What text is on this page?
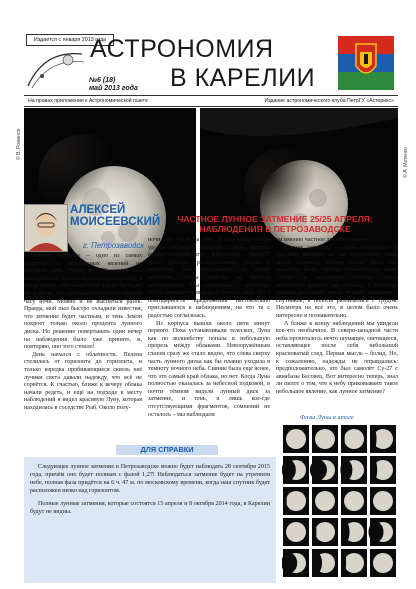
Издается с января 2013 года
№6 (18)
май 2013 года
АСТРОНОМИЯ
В КАРЕЛИИ
На правах приложения к Астрономической газете	Издание астрономического клуба ПетрГУ «Астерикс»
© В. Романов
© А. Метенко
АЛЕКСЕЙ
МОИСЕЕВСКИЙ
г. Петрозаводск
ЧАСТНОЕ ЛУННОЕ ЗАТМЕНИЕ 25/25 АПРЕЛЯ:
НАБЛЮДЕНИЯ В ПЕТРОЗАВОДСКЕ

Лунное затмение – одно из самых заметных и живописных явлений на звёздном небе. Узнав, что 25 апреля нам выпадет шанс пронаблюдать такую красоту, я сразу решил, что мимо меня это не пройдёт. Ну и пусть, что затмение состоится в первом часу ночи. Можно и не выспаться разок. Правда, мой пыл быстро охладили известия, что затмение будет частным, и тень Земли покроет только около процента лунного диска. Но решение повертывать один вечер на наблюдения было уже принято, и, повторяю, оно того стоило!

День начался с облачности. Пелена стелилась от горизонта до горизонта, и только изредка пробивающиеся сквозь неё лучики света давали надежду, что всё не сорвётся. К счастью, ближе к вечеру облака начали редеть, и ещё на подходе к месту наблюдений я видел красивую Луну, которая находилась в соседстве Рыб. Около полу-

ночи она была на юге, и нам было очень удобно наблюдать затмение с двора корпуса физико-технического факультета ПетрГУ. Даже фонари, расположенные рядом с корпусом, нам предложили на время потушить, чтобы засветка не мешала наблюдениям. Мы отказались – непогода, чтобы шиворот-навыворот тёмного неба. Но я благодарность предложения настоятельно приславшихся к наблюдениям, на что та с радостью согласилась.

Из корпуса вышли около пяти минут первого. Пока устанавливали телескоп, Луна как по волшебству попала в небольшую прорезь между облаками. Невооружённым глазом сразу же стало видно, что слева сверху часть лунного диска как бы плавно уходила в темноту ночного неба. Сияние была ещё яснее, что это самый край облака, но нет. Когда Луна полностью оказалась за небесной подковой, в почти тёмном видели лунный диск за затмение, и тень, и лишь кое-где отсутствующими фрагментов, сомнений не осталось – мы наблюдаем

ем именно частное лунное затмение.

Лунное затмение – очень интересное и красивое явление, но оно продлилось лишь около получаса, потому одной Луны нам оказалось мало. Удалось пронаблюдать также Сатурн и заходящий Юпитер. Здесь облачность мешала уже сильнее. У Юпитера удалось разглядеть три из четырёх галилеевых спутников, а полосы различались с трудом. Несмотря на всё это, в целом было очень интересно и познавательно.

А ближе к концу наблюдений мы увидели кое-что необычное. В северо-западной части неба прочиталось нечто шумящее, светящееся, оставляющее после себя небольшой красноватый след. Первая мысль – болид. Но, к сожалению, надежды не оправдались: предположительно, это был самолёт Су-27 с авиабазы Бесовец. Вот интересно теперь, знал ли пилот о том, что к небу приковывают такое небольшое явление, как лунное затмение?

ДЛЯ СПРАВКИ

Следующее лунное затмение в Петрозаводске можно будет наблюдать 28 сентября 2015 года, причём оно будет полным с фазой 1,27! Наблюдаться затмение будет на утреннем небе, полная фаза придётся на 6 ч. 47 м. по московскому времени, когда наш спутник будет расположен низко над горизонтом.

Полные лунные затмения, которые состоятся 15 апреля и 8 октября 2014 года, в Карелии будут не видны.

Фазы Луны в итоге
